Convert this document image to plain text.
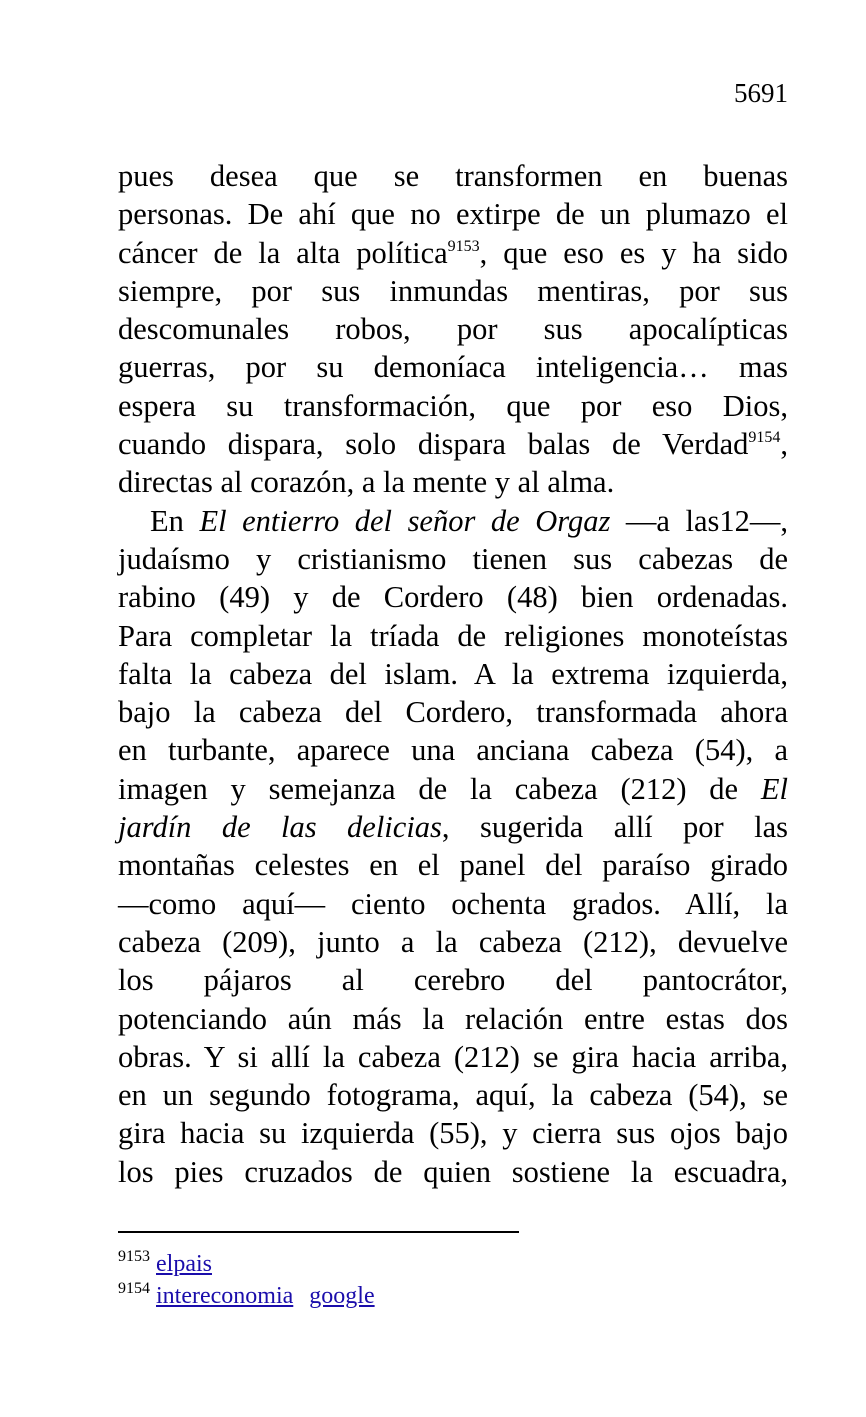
5691
pues desea que se transformen en buenas
personas. De ahí que no extirpe de un plumazo el
cáncer de la alta política$^{9153}$, que eso es y ha sido
siempre, por sus inmundas mentiras, por sus
descomunales robos, por sus apocalípticas
guerras, por su demoníaca inteligencia… mas
espera su transformación, que por eso Dios,
cuando dispara, solo dispara balas de Verdad$^{9154}$,
directas al corazón, a la mente y al alma.
En El entierro del señor de Orgaz —a las12—,
judaísmo y cristianismo tienen sus cabezas de
rabino (49) y de Cordero (48) bien ordenadas.
Para completar la tríada de religiones monoteístas
falta la cabeza del islam. A la extrema izquierda,
bajo la cabeza del Cordero, transformada ahora
en turbante, aparece una anciana cabeza (54), a
imagen y semejanza de la cabeza (212) de El
jardín de las delicias, sugerida allí por las
montañas celestes en el panel del paraíso girado
—como aquí— ciento ochenta grados. Allí, la
cabeza (209), junto a la cabeza (212), devuelve
los pájaros al cerebro del pantocrátor,
potenciando aún más la relación entre estas dos
obras. Y si allí la cabeza (212) se gira hacia arriba,
en un segundo fotograma, aquí, la cabeza (54), se
gira hacia su izquierda (55), y cierra sus ojos bajo
los pies cruzados de quien sostiene la escuadra,
$^{9153}$ elpais
$^{9154}$ intereconomia google
